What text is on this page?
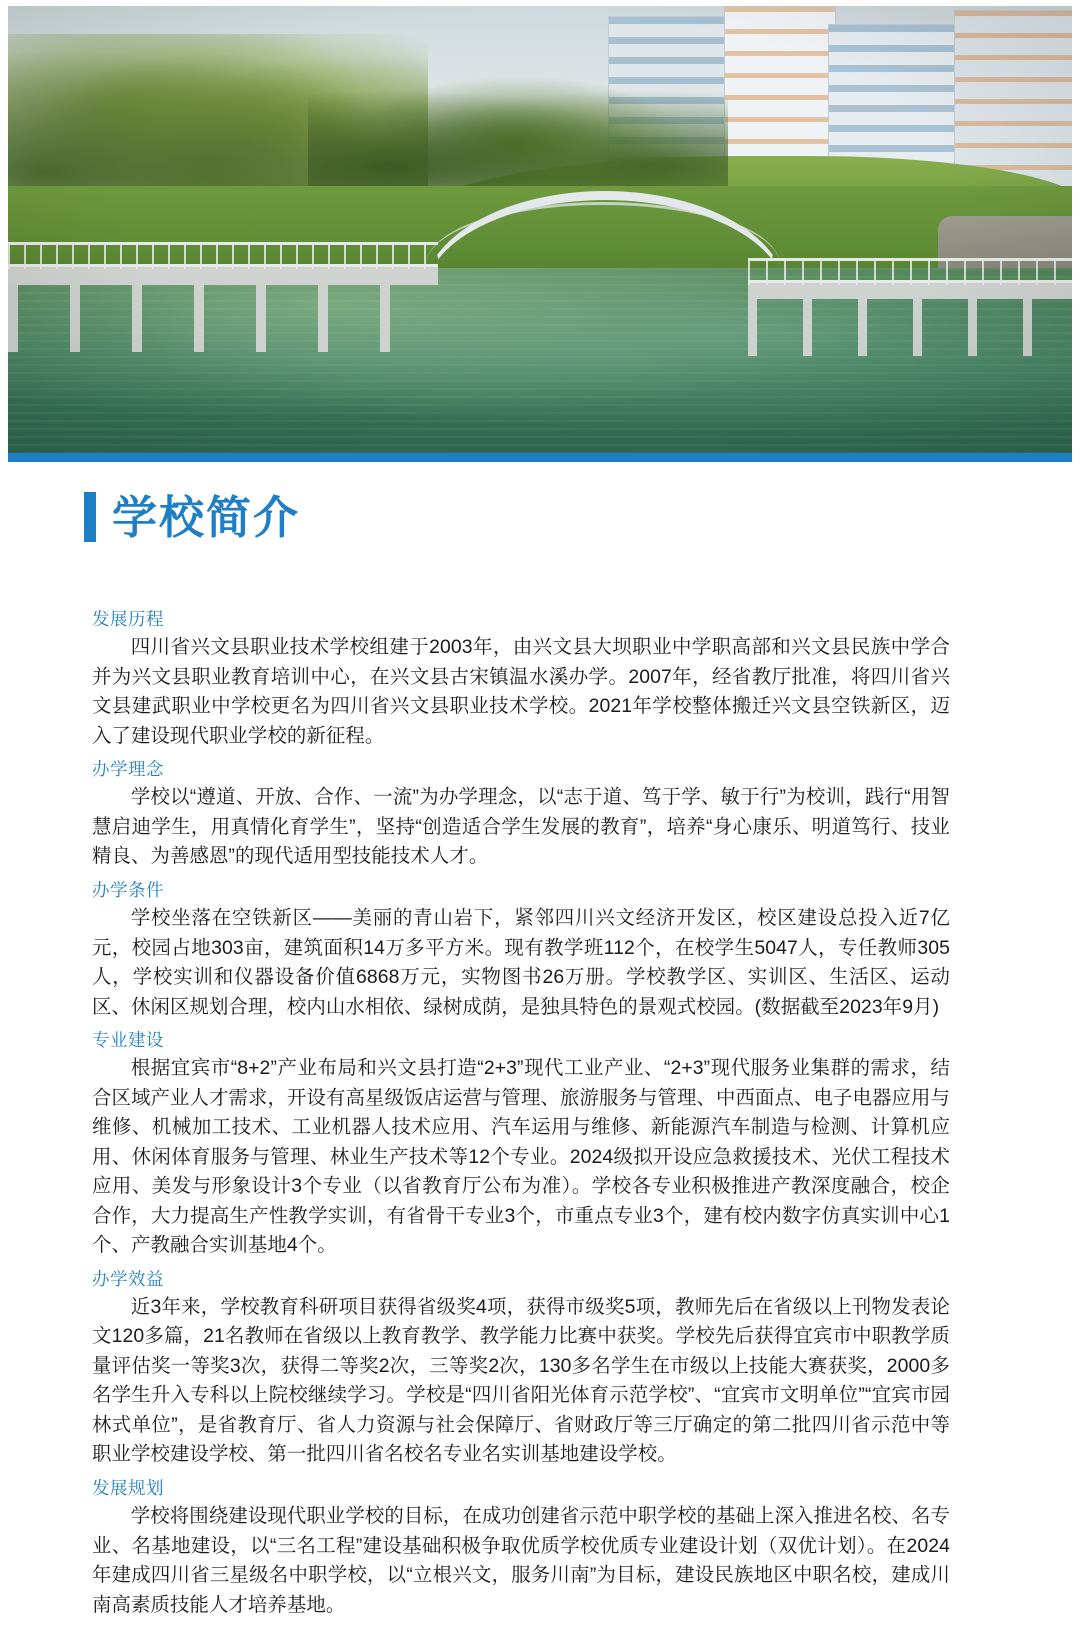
学校简介
发展历程

四川省兴文县职业技术学校组建于2003年，由兴文县大坝职业中学职高部和兴文县民族中学合并为兴文县职业教育培训中心，在兴文县古宋镇温水溪办学。2007年，经省教厅批准，将四川省兴文县建武职业中学校更名为四川省兴文县职业技术学校。2021年学校整体搬迁兴文县空铁新区，迈入了建设现代职业学校的新征程。

办学理念

学校以“遵道、开放、合作、一流”为办学理念，以“志于道、笃于学、敏于行”为校训，践行“用智慧启迪学生，用真情化育学生”，坚持“创造适合学生发展的教育”，培养“身心康乐、明道笃行、技业精良、为善感恩”的现代适用型技能技术人才。

办学条件

学校坐落在空铁新区——美丽的青山岩下，紧邻四川兴文经济开发区，校区建设总投入近7亿元，校园占地303亩，建筑面积14万多平方米。现有教学班112个，在校学生5047人，专任教师305人，学校实训和仪器设备价值6868万元，实物图书26万册。学校教学区、实训区、生活区、运动区、休闲区规划合理，校内山水相依、绿树成荫，是独具特色的景观式校园。(数据截至2023年9月)

专业建设

根据宜宾市“8+2”产业布局和兴文县打造“2+3”现代工业产业、“2+3”现代服务业集群的需求，结合区域产业人才需求，开设有高星级饭店运营与管理、旅游服务与管理、中西面点、电子电器应用与维修、机械加工技术、工业机器人技术应用、汽车运用与维修、新能源汽车制造与检测、计算机应用、休闲体育服务与管理、林业生产技术等12个专业。2024级拟开设应急救援技术、光伏工程技术应用、美发与形象设计3个专业（以省教育厅公布为准）。学校各专业积极推进产教深度融合，校企合作，大力提高生产性教学实训，有省骨干专业3个，市重点专业3个，建有校内数字仿真实训中心1个、产教融合实训基地4个。

办学效益

近3年来，学校教育科研项目获得省级奖4项，获得市级奖5项，教师先后在省级以上刊物发表论文120多篇，21名教师在省级以上教育教学、教学能力比赛中获奖。学校先后获得宜宾市中职教学质量评估奖一等奖3次，获得二等奖2次，三等奖2次，130多名学生在市级以上技能大赛获奖，2000多名学生升入专科以上院校继续学习。学校是“四川省阳光体育示范学校”、“宜宾市文明单位”“宜宾市园林式单位”，是省教育厅、省人力资源与社会保障厅、省财政厅等三厅确定的第二批四川省示范中等职业学校建设学校、第一批四川省名校名专业名实训基地建设学校。

发展规划

学校将围绕建设现代职业学校的目标，在成功创建省示范中职学校的基础上深入推进名校、名专业、名基地建设，以“三名工程”建设基础积极争取优质学校优质专业建设计划（双优计划）。在2024年建成四川省三星级名中职学校，以“立根兴文，服务川南”为目标，建设民族地区中职名校，建成川南高素质技能人才培养基地。
